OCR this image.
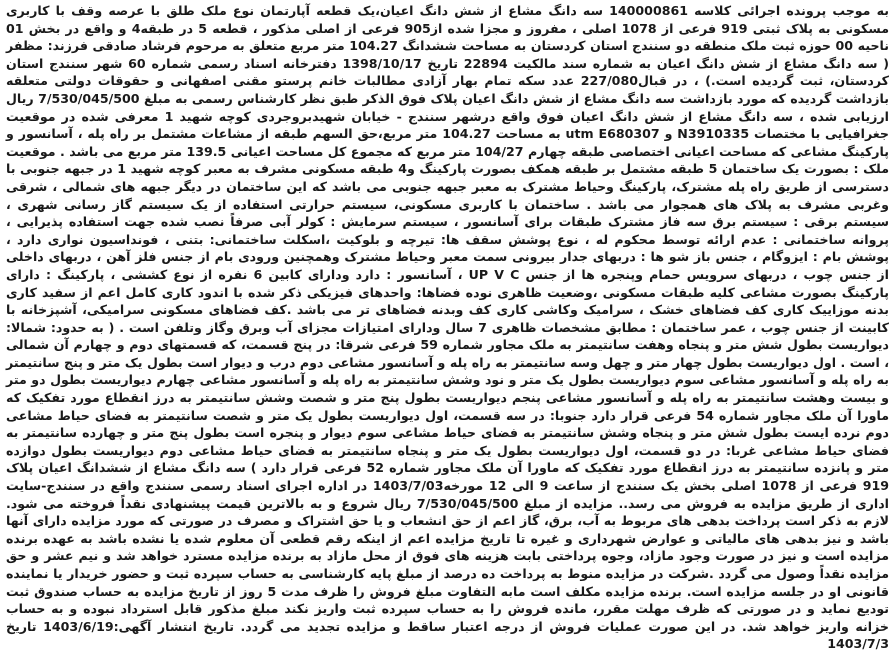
به موجب پرونده اجرائی کلاسه 140000861 سه دانگ مشاع از شش دانگ اعیان،یک قطعه آپارتمان نوع ملک طلق با عرصه وقف با کاربری مسکونی به پلاک ثبتی 919 فرعی از 1078 اصلی ، مفروز و مجزا شده از905 فرعی از اصلی مذکور ، قطعه 5 در طبقه4 و واقع در بخش 01 ناحیه 00 حوزه ثبت ملک منطقه دو سنندج استان کردستان به مساحت ششدانگ 104.27 متر مربع متعلق به مرحوم فرشاد صادقی فرزند: مظفر ( سه دانگ مشاع از شش دانگ اعیان به شماره سند مالکیت 22894 تاریخ 1398/10/17 دفترخانه اسناد رسمی شماره 60 شهر سنندج استان کردستان، ثبت گردیده است.) ، در قبال227/080 عدد سکه تمام بهار آزادی مطالبات خانم پرستو مقنی اصفهانی و حقوقات دولتی متعلقه بازداشت گردیده که مورد بازداشت سه دانگ مشاع از شش دانگ اعیان پلاک فوق الذکر طبق نظر کارشناس رسمی به مبلغ 7/530/045/500 ریال ارزیابی شده ، سه دانگ مشاع از شش دانگ اعیان فوق واقع درشهر سنندج - خیابان شهیدبروجردی کوچه شهید 1 معرفی شده در موقعیت جغرافیایی با مختصات N3910335 و utm E680307 به مساحت 104.27 متر مربع،حق السهم طبقه از مشاعات مشتمل بر راه پله ، آسانسور و پارکینگ مشاعی که مساحت اعیانی اختصاصی طبقه چهارم 104/27 متر مربع که مجموع کل مساحت اعیانی 139.5 متر مربع می باشد . موقعیت ملک : بصورت یک ساختمان 5 طبقه مشتمل بر طبقه همکف بصورت پارکینگ و4 طبقه مسکونی مشرف به معبر کوچه شهید 1 در جبهه جنوبی با دسترسی از طریق راه پله مشترک، پارکینگ وحیاط مشترک به معبر جبهه جنوبی می باشد که این ساختمان در دیگر جبهه های شمالی ، شرقی وغربی مشرف به پلاک های همجوار می باشد . ساختمان با کاربری مسکونی، سیستم حرارتی استفاده از یک سیستم گاز رسانی شهری ، سیستم برقی : سیستم برق سه فاز مشترک طبقات برای آسانسور ، سیستم سرمایش : کولر آبی صرفاً نصب شده جهت استفاده پذیرایی ، پروانه ساختمانی : عدم ارائه توسط محکوم له ، نوع پوشش سقف ها: تیرچه و بلوکیت ،اسکلت ساختمانی: بتنی ، فونداسیون نواری دارد ، پوشش بام : ایزوگام ، جنس باز شو ها : دربهای جدار بیرونی سمت معبر وحیاط مشترک وهمچنین ورودی بام از جنس فلز آهن ، دربهای داخلی از جنس چوب ، دربهای سرویس حمام وپنجره ها از جنس UP V C ، آسانسور : دارد ودارای کابین 6 نفره از نوع کششی ، پارکینگ : دارای پارکینگ بصورت مشاعی کلیه طبقات مسکونی ،وضعیت ظاهری نوده فضاها: واحدهای فیزیکی ذکر شده با اندود کاری کامل اعم از سفید کاری بدنه موزاییک کاری کف فضاهای خشک ، سرامیک وکاشی کاری کف وبدنه فضاهای تر می باشد .کف فضاهای مسکونی سرامیکی، آشپزخانه با کابینت از جنس چوب ، عمر ساختمان : مطابق مشخصات ظاهری 7 سال ودارای امتیازات مجزای آب وبرق وگاز وتلفن است . ( به حدود: شمالا: دیواریست بطول شش متر و پنجاه وهفت سانتیمتر به ملک مجاور شماره 59 فرعی شرقا: در پنج قسمت، که قسمتهای دوم و چهارم آن شمالی ، است . اول دیواریست بطول چهار متر و چهل وسه سانتیمتر به راه پله و آسانسور مشاعی دوم درب و دیوار است بطول یک متر و پنج سانتیمتر به راه پله و آسانسور مشاعی سوم دیواریست بطول یک متر و نود وشش سانتیمتر به راه پله و آسانسور مشاعی چهارم دیواریست بطول دو متر و بیست وهشت سانتیمتر به راه پله و آسانسور مشاعی پنجم دیواریست بطول پنج متر و شصت وشش سانتیمتر به درز انقطاع مورد تفکیک که ماورا آن ملک مجاور شماره 54 فرعی قرار دارد جنوبا: در سه قسمت، اول دیواریست بطول یک متر و شصت سانتیمتر به فضای حیاط مشاعی دوم نرده ایست بطول شش متر و پنجاه وشش سانتیمتر به فضای حیاط مشاعی سوم دیوار و پنجره است بطول پنج متر و چهارده سانتیمتر به فضای حیاط مشاعی غربا: در دو قسمت، اول دیواریست بطول یک متر و پنجاه سانتیمتر به فضای حیاط مشاعی دوم دیواریست بطول دوازده متر و پانزده سانتیمتر به درز انقطاع مورد تفکیک که ماورا آن ملک مجاور شماره 52 فرعی قرار دارد ) سه دانگ مشاع از ششدانگ اعیان پلاک 919 فرعی از 1078 اصلی بخش یک سنندج از ساعت 9 الی 12 مورخه1403/7/03 در اداره اجرای اسناد رسمی سنندج واقع در سنندج-سایت اداری از طریق مزایده به فروش می رسد.. مزایده از مبلغ 7/530/045/500 ریال شروع و به بالاترین قیمت پیشنهادی نقداً فروخته می شود. لازم به ذکر است پرداخت بدهی های مربوط به آب، برق، گاز اعم از حق انشعاب و یا حق اشتراک و مصرف در صورتی که مورد مزایده دارای آنها باشد و نیز بدهی های مالیاتی و عوارض شهرداری و غیره تا تاریخ مزایده اعم از اینکه رقم قطعی آن معلوم شده یا نشده باشد به عهده برنده مزایده است و نیز در صورت وجود مازاد، وجوه پرداختی بابت هزینه های فوق از محل مازاد به برنده مزایده مسترد خواهد شد و نیم عشر و حق مزایده نقداً وصول می گردد .شرکت در مزایده منوط به پرداخت ده درصد از مبلغ پایه کارشناسی به حساب سپرده ثبت و حضور خریدار یا نماینده قانونی او در جلسه مزایده است. برنده مزایده مکلف است مابه التفاوت مبلغ فروش را ظرف مدت 5 روز از تاریخ مزایده به حساب صندوق ثبت تودیع نماید و در صورتی که ظرف مهلت مقرر، مانده فروش را به حساب سپرده ثبت واریز نکند مبلغ مذکور قابل استرداد نبوده و به حساب خزانه واریز خواهد شد. در این صورت عملیات فروش از درجه اعتبار ساقط و مزایده تجدید می گردد. تاریخ انتشار آگهی:1403/6/19 تاریخ 1403/7/3
